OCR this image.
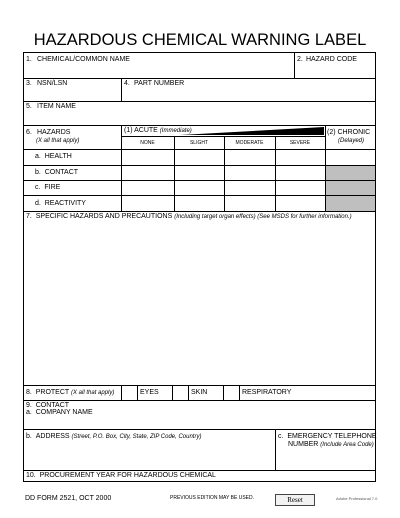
HAZARDOUS CHEMICAL WARNING LABEL
1. CHEMICAL/COMMON NAME	2. HAZARD CODE
3. NSN/LSN	4. PART NUMBER
5. ITEM NAME
6. HAZARDS
(X all that apply)
(1) ACUTE (Immediate)	(2) CHRONIC
(Delayed)
NONE	SLIGHT	MODERATE	SEVERE
a. HEALTH
b. CONTACT
c. FIRE
d. REACTIVITY
7. SPECIFIC HAZARDS AND PRECAUTIONS (Including target organ effects) (See MSDS for further information.)
8. PROTECT (X all that apply)	EYES	SKIN	RESPIRATORY
9. CONTACT
a. COMPANY NAME
b. ADDRESS (Street, P.O. Box, City, State, ZIP Code, Country)	c. EMERGENCY TELEPHONE
NUMBER (Include Area Code)
10. PROCUREMENT YEAR FOR HAZARDOUS CHEMICAL
DD FORM 2521, OCT 2000	PREVIOUS EDITION MAY BE USED.	Reset	Adobe Professional 7.0
